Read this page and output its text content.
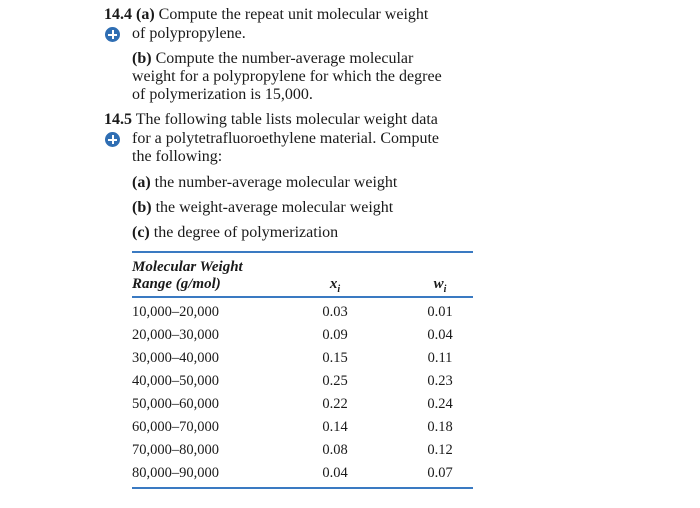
14.4 (a) Compute the repeat unit molecular weight
of polypropylene.
(b) Compute the number-average molecular
weight for a polypropylene for which the degree
of polymerization is 15,000.
14.5 The following table lists molecular weight data
for a polytetrafluoroethylene material. Compute
the following:
(a) the number-average molecular weight
(b) the weight-average molecular weight
(c) the degree of polymerization
Molecular Weight
Range (g/mol)	$x_i$	$w_i$
10,000–20,000	0.03	0.01
20,000–30,000	0.09	0.04
30,000–40,000	0.15	0.11
40,000–50,000	0.25	0.23
50,000–60,000	0.22	0.24
60,000–70,000	0.14	0.18
70,000–80,000	0.08	0.12
80,000–90,000	0.04	0.07
